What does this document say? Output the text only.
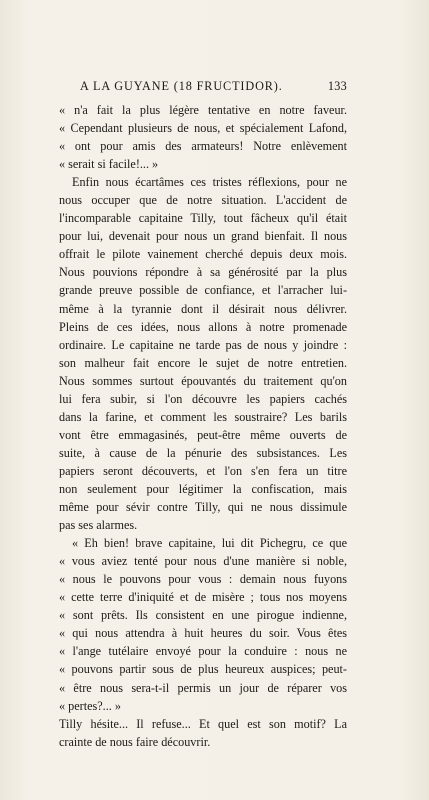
A LA GUYANE (18 FRUCTIDOR).	133
« n'a fait la plus légère tentative en notre faveur.
« Cependant plusieurs de nous, et spécialement Lafond,
« ont pour amis des armateurs! Notre enlèvement
« serait si facile!... »
Enfin nous écartâmes ces tristes réflexions, pour ne
nous occuper que de notre situation. L'accident de
l'incomparable capitaine Tilly, tout fâcheux qu'il était
pour lui, devenait pour nous un grand bienfait. Il nous
offrait le pilote vainement cherché depuis deux mois.
Nous pouvions répondre à sa générosité par la plus
grande preuve possible de confiance, et l'arracher lui-
même à la tyrannie dont il désirait nous délivrer.
Pleins de ces idées, nous allons à notre promenade
ordinaire. Le capitaine ne tarde pas de nous y joindre :
son malheur fait encore le sujet de notre entretien.
Nous sommes surtout épouvantés du traitement qu'on
lui fera subir, si l'on découvre les papiers cachés
dans la farine, et comment les soustraire? Les barils
vont être emmagasinés, peut-être même ouverts de
suite, à cause de la pénurie des subsistances. Les
papiers seront découverts, et l'on s'en fera un titre
non seulement pour légitimer la confiscation, mais
même pour sévir contre Tilly, qui ne nous dissimule
pas ses alarmes.
« Eh bien! brave capitaine, lui dit Pichegru, ce que
« vous aviez tenté pour nous d'une manière si noble,
« nous le pouvons pour vous : demain nous fuyons
« cette terre d'iniquité et de misère ; tous nos moyens
« sont prêts. Ils consistent en une pirogue indienne,
« qui nous attendra à huit heures du soir. Vous êtes
« l'ange tutélaire envoyé pour la conduire : nous ne
« pouvons partir sous de plus heureux auspices; peut-
« être nous sera-t-il permis un jour de réparer vos
« pertes?... »
Tilly hésite... Il refuse... Et quel est son motif? La
crainte de nous faire découvrir.
